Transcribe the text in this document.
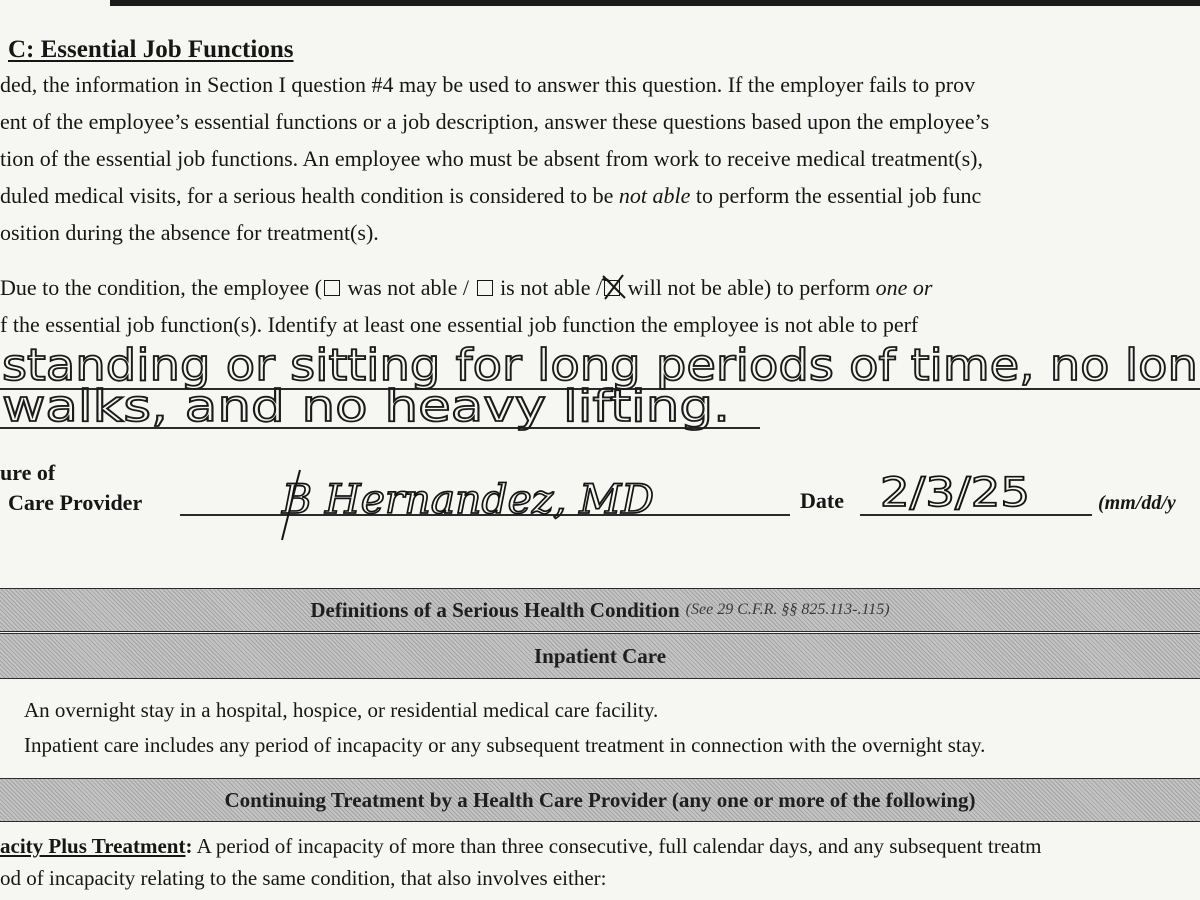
C: Essential Job Functions
ded, the information in Section I question #4 may be used to answer this question. If the employer fails to prov
ent of the employee’s essential functions or a job description, answer these questions based upon the employee’s
tion of the essential job functions. An employee who must be absent from work to receive medical treatment(s),
duled medical visits, for a serious health condition is considered to be not able to perform the essential job func
osition during the absence for treatment(s).
Due to the condition, the employee ( was not able /  is not able /
will not be able) to perform one or
f the essential job function(s). Identify at least one essential job function the employee is not able to perf
standing or sitting for long periods of time, no lon
walks, and no heavy lifting.
ure of
Care Provider	B Hernandez, MD	Date 2/3/25	(mm/dd/y
Definitions of a Serious Health Condition (See 29 C.F.R. §§ 825.113-.115)
Inpatient Care
An overnight stay in a hospital, hospice, or residential medical care facility.
Inpatient care includes any period of incapacity or any subsequent treatment in connection with the overnight stay.
Continuing Treatment by a Health Care Provider (any one or more of the following)
acity Plus Treatment: A period of incapacity of more than three consecutive, full calendar days, and any subsequent treatm
od of incapacity relating to the same condition, that also involves either:
